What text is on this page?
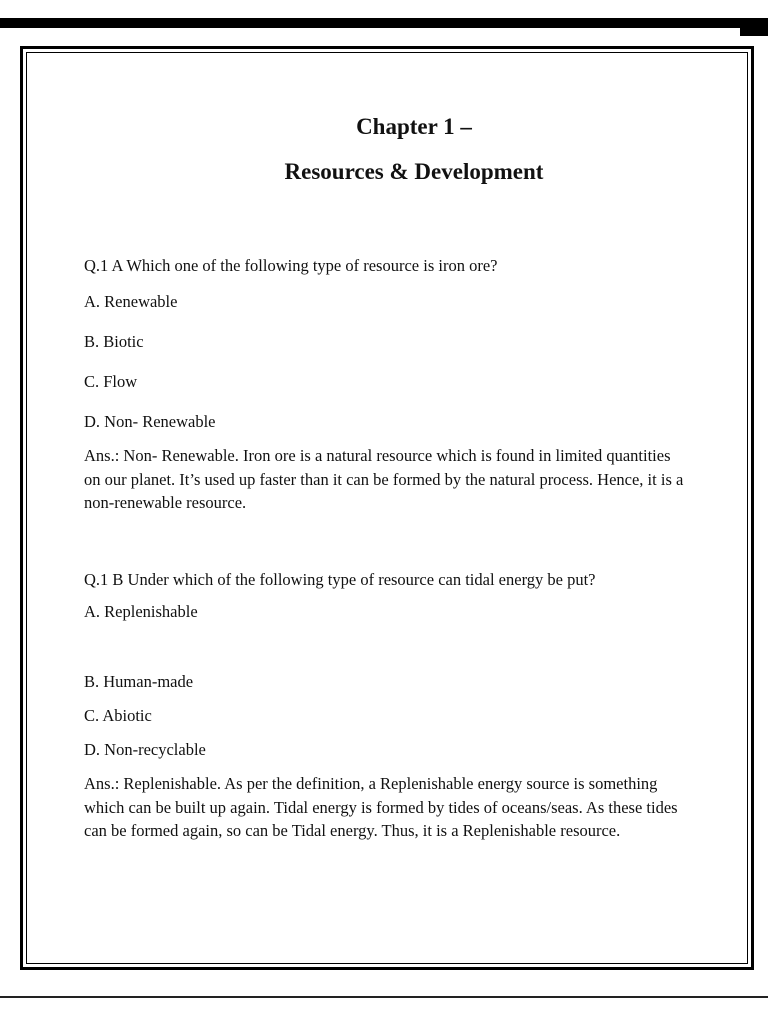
Chapter 1 –
Resources & Development

Q.1 A Which one of the following type of resource is iron ore?

A. Renewable

B. Biotic

C. Flow

D. Non- Renewable

Ans.: Non- Renewable. Iron ore is a natural resource which is found in limited quantities on our planet. It’s used up faster than it can be formed by the natural process. Hence, it is a non-renewable resource.

Q.1 B Under which of the following type of resource can tidal energy be put?

A. Replenishable

B. Human-made

C. Abiotic

D. Non-recyclable

Ans.: Replenishable. As per the definition, a Replenishable energy source is something which can be built up again. Tidal energy is formed by tides of oceans/seas. As these tides can be formed again, so can be Tidal energy. Thus, it is a Replenishable resource.
